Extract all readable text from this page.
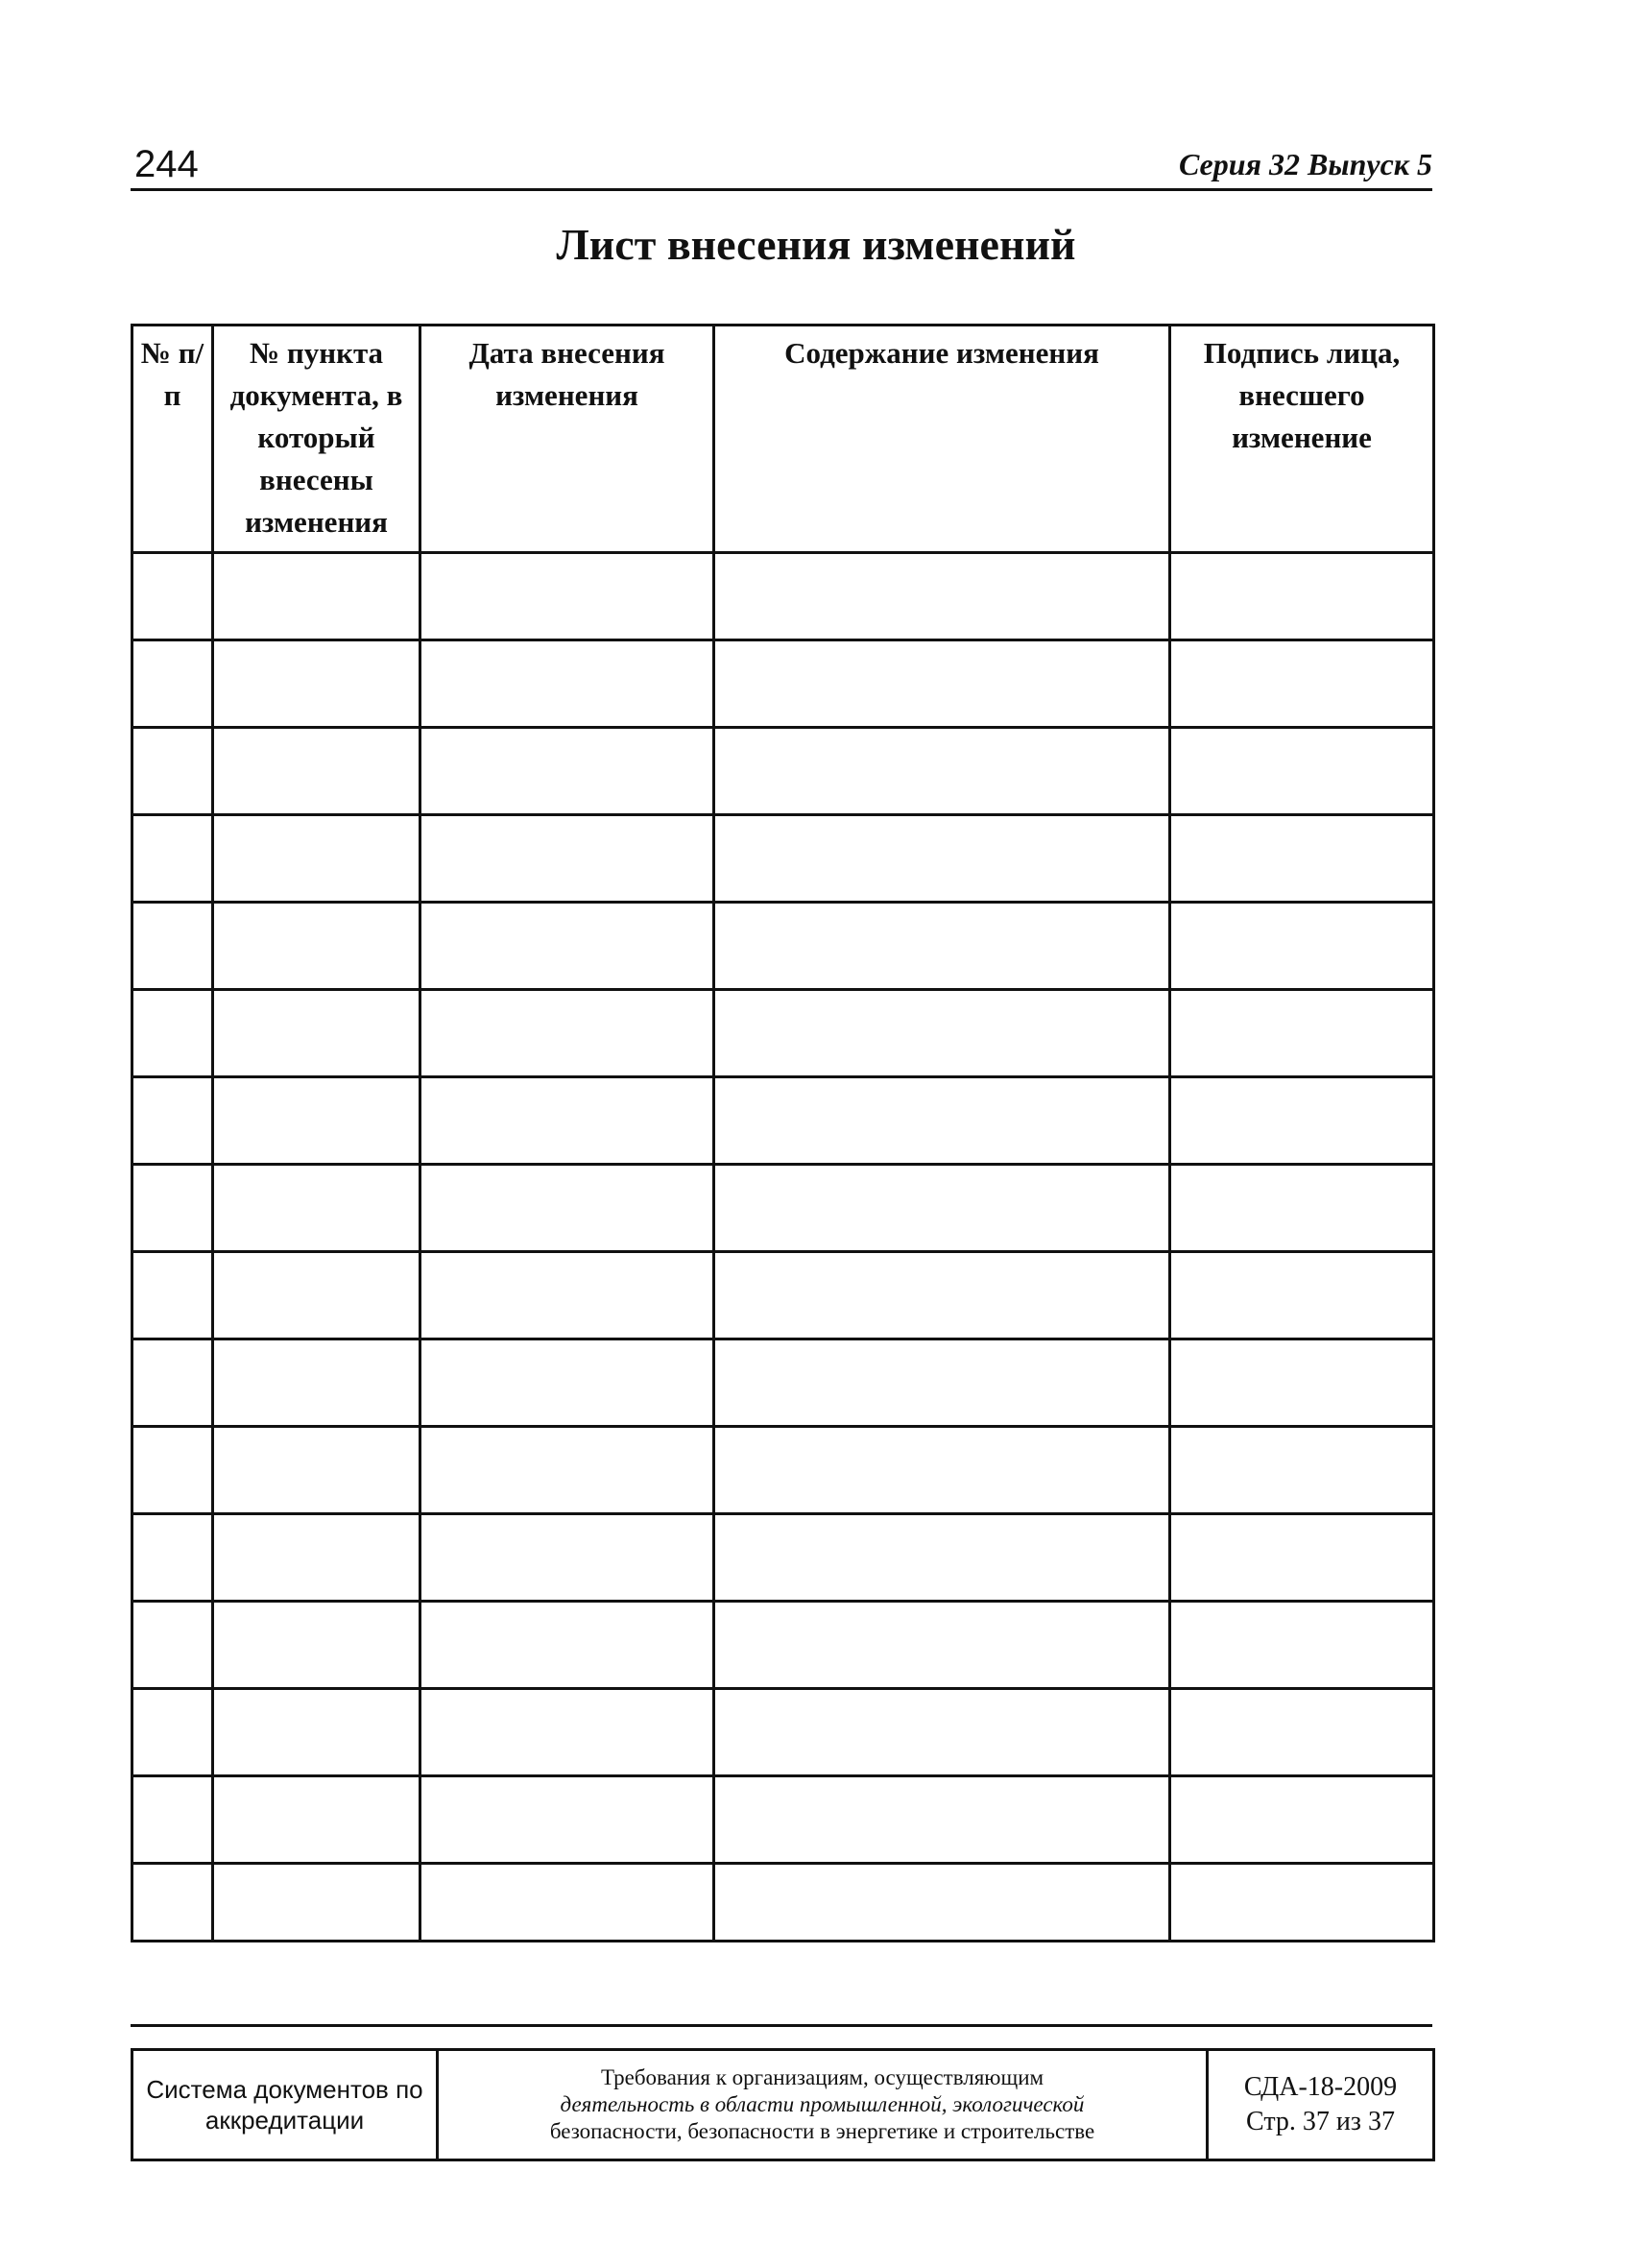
244	Серия 32 Выпуск 5
Лист внесения изменений
№ п/п	№ пункта документа, в который внесены изменения	Дата внесения изменения	Содержание изменения	Подпись лица, внесшего изменение

Система документов по аккредитации	
Требования к организациям, осуществляющим
деятельность в области промышленной, экологической
безопасности, безопасности в энергетике и строительстве

СДА-18-2009
Стр. 37 из 37
